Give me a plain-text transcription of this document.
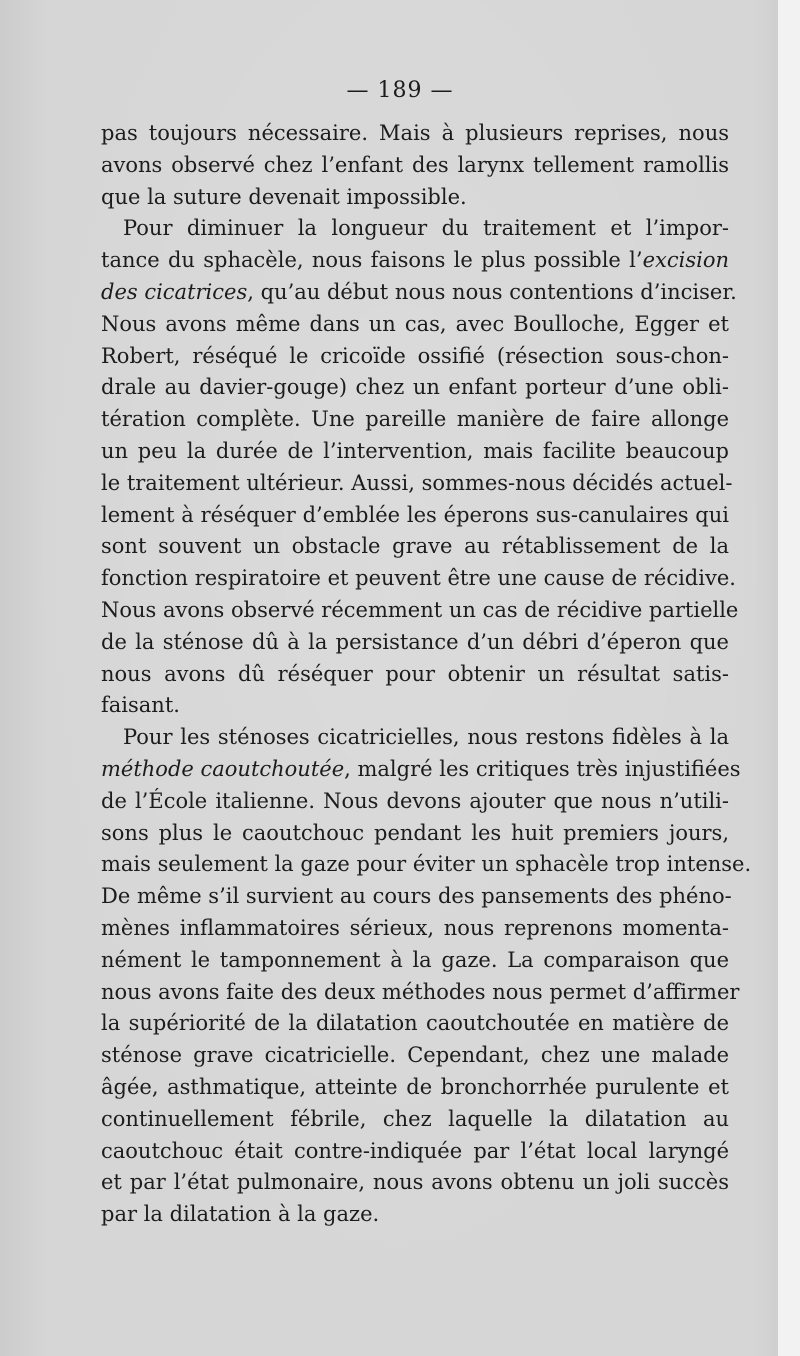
— 189 —
pas toujours nécessaire. Mais à plusieurs reprises, nous
avons observé chez l’enfant des larynx tellement ramollis
que la suture devenait impossible.
Pour diminuer la longueur du traitement et l’impor-
tance du sphacèle, nous faisons le plus possible l’excision
des cicatrices, qu’au début nous nous contentions d’inciser.
Nous avons même dans un cas, avec Boulloche, Egger et
Robert, réséqué le cricoïde ossifié (résection sous-chon-
drale au davier-gouge) chez un enfant porteur d’une obli-
tération complète. Une pareille manière de faire allonge
un peu la durée de l’intervention, mais facilite beaucoup
le traitement ultérieur. Aussi, sommes-nous décidés actuel-
lement à réséquer d’emblée les éperons sus-canulaires qui
sont souvent un obstacle grave au rétablissement de la
fonction respiratoire et peuvent être une cause de récidive.
Nous avons observé récemment un cas de récidive partielle
de la sténose dû à la persistance d’un débri d’éperon que
nous avons dû réséquer pour obtenir un résultat satis-
faisant.
Pour les sténoses cicatricielles, nous restons fidèles à la
méthode caoutchoutée, malgré les critiques très injustifiées
de l’École italienne. Nous devons ajouter que nous n’utili-
sons plus le caoutchouc pendant les huit premiers jours,
mais seulement la gaze pour éviter un sphacèle trop intense.
De même s’il survient au cours des pansements des phéno-
mènes inflammatoires sérieux, nous reprenons momenta-
nément le tamponnement à la gaze. La comparaison que
nous avons faite des deux méthodes nous permet d’affirmer
la supériorité de la dilatation caoutchoutée en matière de
sténose grave cicatricielle. Cependant, chez une malade
âgée, asthmatique, atteinte de bronchorrhée purulente et
continuellement fébrile, chez laquelle la dilatation au
caoutchouc était contre-indiquée par l’état local laryngé
et par l’état pulmonaire, nous avons obtenu un joli succès
par la dilatation à la gaze.
